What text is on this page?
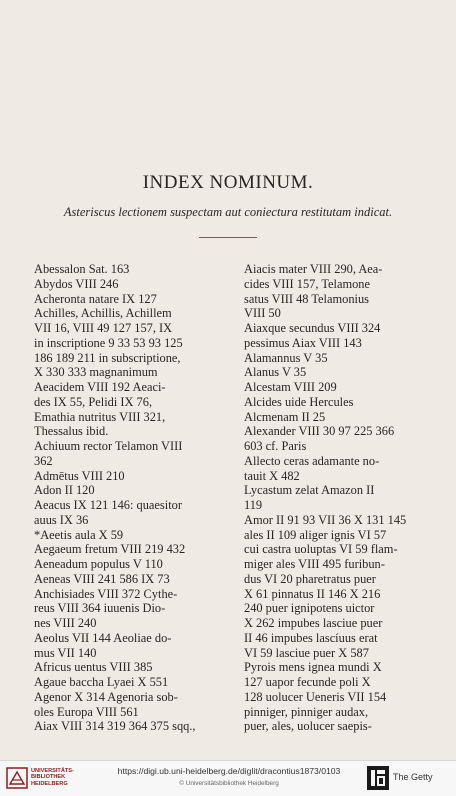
INDEX NOMINUM.
Asteriscus lectionem suspectam aut coniectura restitutam indicat.
Abessalon Sat. 163
Abydos VIII 246
Acheronta natare IX 127
Achilles, Achillis, Achillem
VII 16, VIII 49 127 157, IX
in inscriptione 9 33 53 93 125
186 189 211 in subscriptione,
X 330 333 magnanimum
Aeacidem VIII 192 Aeaci-
des IX 55, Pelidi IX 76,
Emathia nutritus VIII 321,
Thessalus ibid.
Achiuum rector Telamon VIII
362
Admētus VIII 210
Adon II 120
Aeacus IX 121 146: quaesitor
auus IX 36
*Aeetis aula X 59
Aegaeum fretum VIII 219 432
Aeneadum populus V 110
Aeneas VIII 241 586 IX 73
Anchisiades VIII 372 Cythe-
reus VIII 364 iuuenis Dio-
nes VIII 240
Aeolus VII 144 Aeoliae do-
mus VII 140
Africus uentus VIII 385
Agaue baccha Lyaei X 551
Agenor X 314 Agenoria sob-
oles Europa VIII 561
Aiax VIII 314 319 364 375 sqq.,
Aiacis mater VIII 290, Aea-
cides VIII 157, Telamone
satus VIII 48 Telamonius
VIII 50
Aiaxque secundus VIII 324
pessimus Aiax VIII 143
Alamannus V 35
Alanus V 35
Alcestam VIII 209
Alcides uide Hercules
Alcmenam II 25
Alexander VIII 30 97 225 366
603 cf. Paris
Allecto ceras adamante no-
tauit X 482
Lycastum zelat Amazon II
119
Amor II 91 93 VII 36 X 131 145
ales II 109 aliger ignis VI 57
cui castra uoluptas VI 59 flam-
miger ales VIII 495 furibun-
dus VI 20 pharetratus puer
X 61 pinnatus II 146 X 216
240 puer ignipotens uictor
X 262 impubes lasciue puer
II 46 impubes lascíuus erat
VI 59 lasciue puer X 587
Pyrois mens ignea mundi X
127 uapor fecunde poli X
128 uolucer Ueneris VII 154
pinniger, pinniger audax,
puer, ales, uolucer saepis-
UNIVERSITÄTS-
BIBLIOTHEK
HEIDELBERG
https://digi.ub.uni-heidelberg.de/diglit/dracontius1873/0103
© Universitätsbibliothek Heidelberg
The Getty
